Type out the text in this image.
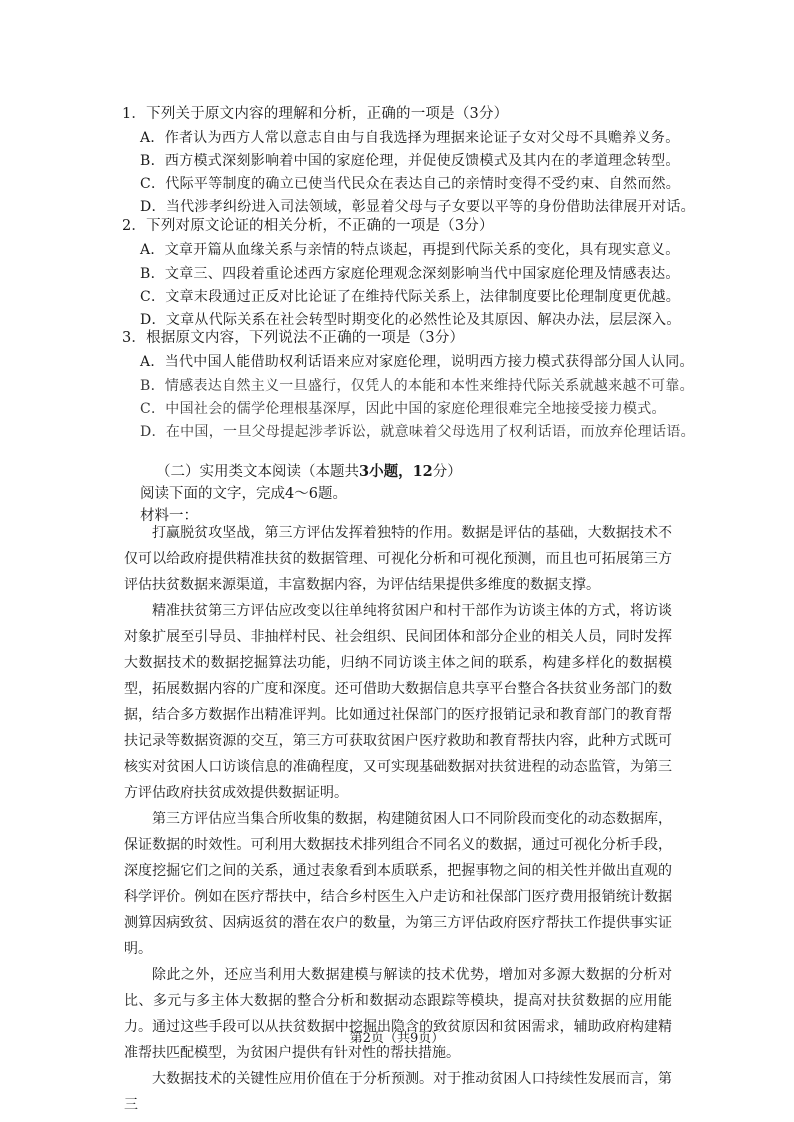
1．下列关于原文内容的理解和分析，正确的一项是（3分）
A．作者认为西方人常以意志自由与自我选择为理据来论证子女对父母不具赡养义务。
B．西方模式深刻影响着中国的家庭伦理，并促使反馈模式及其内在的孝道理念转型。
C．代际平等制度的确立已使当代民众在表达自己的亲情时变得不受约束、自然而然。
D．当代涉孝纠纷进入司法领域，彰显着父母与子女要以平等的身份借助法律展开对话。
2．下列对原文论证的相关分析，不正确的一项是（3分）
A．文章开篇从血缘关系与亲情的特点谈起，再提到代际关系的变化，具有现实意义。
B．文章三、四段着重论述西方家庭伦理观念深刻影响当代中国家庭伦理及情感表达。
C．文章末段通过正反对比论证了在维持代际关系上，法律制度要比伦理制度更优越。
D．文章从代际关系在社会转型时期变化的必然性论及其原因、解决办法，层层深入。
3．根据原文内容，下列说法不正确的一项是（3分）
A．当代中国人能借助权利话语来应对家庭伦理，说明西方接力模式获得部分国人认同。
B．情感表达自然主义一旦盛行，仅凭人的本能和本性来维持代际关系就越来越不可靠。
C．中国社会的儒学伦理根基深厚，因此中国的家庭伦理很难完全地接受接力模式。
D．在中国，一旦父母提起涉孝诉讼，就意味着父母选用了权利话语，而放弃伦理话语。
（二）实用类文本阅读（本题共3小题，12分）
阅读下面的文字，完成4～6题。
材料一：

打赢脱贫攻坚战，第三方评估发挥着独特的作用。数据是评估的基础，大数据技术不仅可以给政府提供精准扶贫的数据管理、可视化分析和可视化预测，而且也可拓展第三方评估扶贫数据来源渠道，丰富数据内容，为评估结果提供多维度的数据支撑。

精准扶贫第三方评估应改变以往单纯将贫困户和村干部作为访谈主体的方式，将访谈对象扩展至引导员、非抽样村民、社会组织、民间团体和部分企业的相关人员，同时发挥大数据技术的数据挖掘算法功能，归纳不同访谈主体之间的联系，构建多样化的数据模型，拓展数据内容的广度和深度。还可借助大数据信息共享平台整合各扶贫业务部门的数据，结合多方数据作出精准评判。比如通过社保部门的医疗报销记录和教育部门的教育帮扶记录等数据资源的交互，第三方可获取贫困户医疗救助和教育帮扶内容，此种方式既可核实对贫困人口访谈信息的准确程度，又可实现基础数据对扶贫进程的动态监管，为第三方评估政府扶贫成效提供数据证明。

第三方评估应当集合所收集的数据，构建随贫困人口不同阶段而变化的动态数据库，保证数据的时效性。可利用大数据技术排列组合不同名义的数据，通过可视化分析手段，深度挖掘它们之间的关系，通过表象看到本质联系，把握事物之间的相关性并做出直观的科学评价。例如在医疗帮扶中，结合乡村医生入户走访和社保部门医疗费用报销统计数据测算因病致贫、因病返贫的潜在农户的数量，为第三方评估政府医疗帮扶工作提供事实证明。

除此之外，还应当利用大数据建模与解读的技术优势，增加对多源大数据的分析对比、多元与多主体大数据的整合分析和数据动态跟踪等模块，提高对扶贫数据的应用能力。通过这些手段可以从扶贫数据中挖掘出隐含的致贫原因和贫困需求，辅助政府构建精准帮扶匹配模型，为贫困户提供有针对性的帮扶措施。

大数据技术的关键性应用价值在于分析预测。对于推动贫困人口持续性发展而言，第三

第2页（共9页）
